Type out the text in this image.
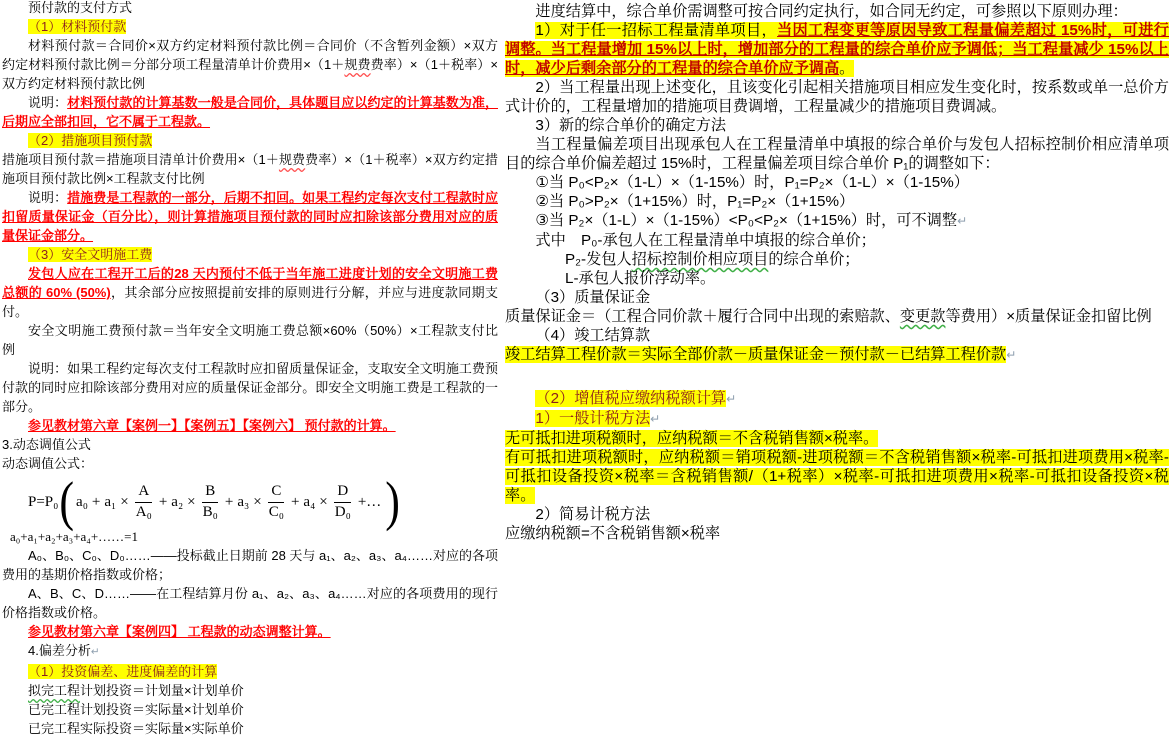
预付款的支付方式
（1）材料预付款
材料预付款＝合同价×双方约定材料预付款比例＝合同价（不含暂列金额）×双方约定材料预付款比例＝分部分项工程量清单计价费用×（1＋规费费率）×（1＋税率）×双方约定材料预付款比例
说明：材料预付款的计算基数一般是合同价，具体题目应以约定的计算基数为准，后期应全部扣回，它不属于工程款。
（2）措施项目预付款
措施项目预付款＝措施项目清单计价费用×（1＋规费费率）×（1＋税率）×双方约定措施项目预付款比例×工程款支付比例
说明：措施费是工程款的一部分，后期不扣回。如果工程约定每次支付工程款时应扣留质量保证金（百分比），则计算措施项目预付款的同时应扣除该部分费用对应的质量保证金部分。
（3）安全文明施工费
发包人应在工程开工后的28 天内预付不低于当年施工进度计划的安全文明施工费总额的 60% (50%)，其余部分应按照提前安排的原则进行分解，并应与进度款同期支付。
安全文明施工费预付款＝当年安全文明施工费总额×60%（50%）×工程款支付比例
说明：如果工程约定每次支付工程款时应扣留质量保证金，支取安全文明施工费预付款的同时应扣除该部分费用对应的质量保证金部分。即安全文明施工费是工程款的一部分。
参见教材第六章【案例一】【案例五】【案例六】 预付款的计算。
3.动态调值公式
动态调值公式：
P=P₀ ( $a_0 + a_1 \times \frac{A}{\text{A₀}} + a_2 \times \frac{B}{\text{B₀}} + a_3 \times \frac{C}{\text{C₀}} + a_4 \times \frac{D}{\text{D₀}}$ +… )
a₀+a₁+a₂+a₃+a₄+……=1
A₀、B₀、C₀、D₀……——投标截止日期前 28 天与 a₁、a₂、a₃、a₄……对应的各项费用的基期价格指数或价格；
A、B、C、D……——在工程结算月份 a₁、a₂、a₃、a₄……对应的各项费用的现行价格指数或价格。
参见教材第六章【案例四】 工程款的动态调整计算。
4.偏差分析↵
（1）投资偏差、进度偏差的计算
拟完工程计划投资＝计划量×计划单价
已完工程计划投资＝实际量×计划单价
已完工程实际投资＝实际量×实际单价
进度结算中，综合单价需调整可按合同约定执行，如合同无约定，可参照以下原则办理：
1）对于任一招标工程量清单项目，当因工程变更等原因导致工程量偏差超过 15%时，可进行调整。当工程量增加 15%以上时，增加部分的工程量的综合单价应予调低；当工程量减少 15%以上时，减少后剩余部分的工程量的综合单价应予调高。
2）当工程量出现上述变化，且该变化引起相关措施项目相应发生变化时，按系数或单一总价方式计价的，工程量增加的措施项目费调增，工程量减少的措施项目费调减。
3）新的综合单价的确定方法
当工程量偏差项目出现承包人在工程量清单中填报的综合单价与发包人招标控制价相应清单项目的综合单价偏差超过 15%时，工程量偏差项目综合单价 P₁的调整如下：
①当 P₀<P₂×（1-L）×（1-15%）时，P₁=P₂×（1-L）×（1-15%）
②当 P₀>P₂×（1+15%）时，P₁=P₂×（1+15%）
③当 P₂×（1-L）×（1-15%）<P₀<P₂×（1+15%）时，可不调整↵
式中　P₀-承包人在工程量清单中填报的综合单价；
P₂-发包人招标控制价相应项目的综合单价；
L-承包人报价浮动率。
（3）质量保证金
质量保证金＝（工程合同价款＋履行合同中出现的索赔款、变更款等费用）×质量保证金扣留比例
（4）竣工结算款
竣工结算工程价款＝实际全部价款－质量保证金－预付款－已结算工程价款↵
（2）增值税应缴纳税额计算↵
1）一般计税方法↵
无可抵扣进项税额时，应纳税额＝不含税销售额×税率。
有可抵扣进项税额时，应纳税额＝销项税额-进项税额＝不含税销售额×税率-可抵扣进项费用×税率-可抵扣设备投资×税率＝含税销售额/（1+税率）×税率-可抵扣进项费用×税率-可抵扣设备投资×税率。
2）简易计税方法
应缴纳税额=不含税销售额×税率
